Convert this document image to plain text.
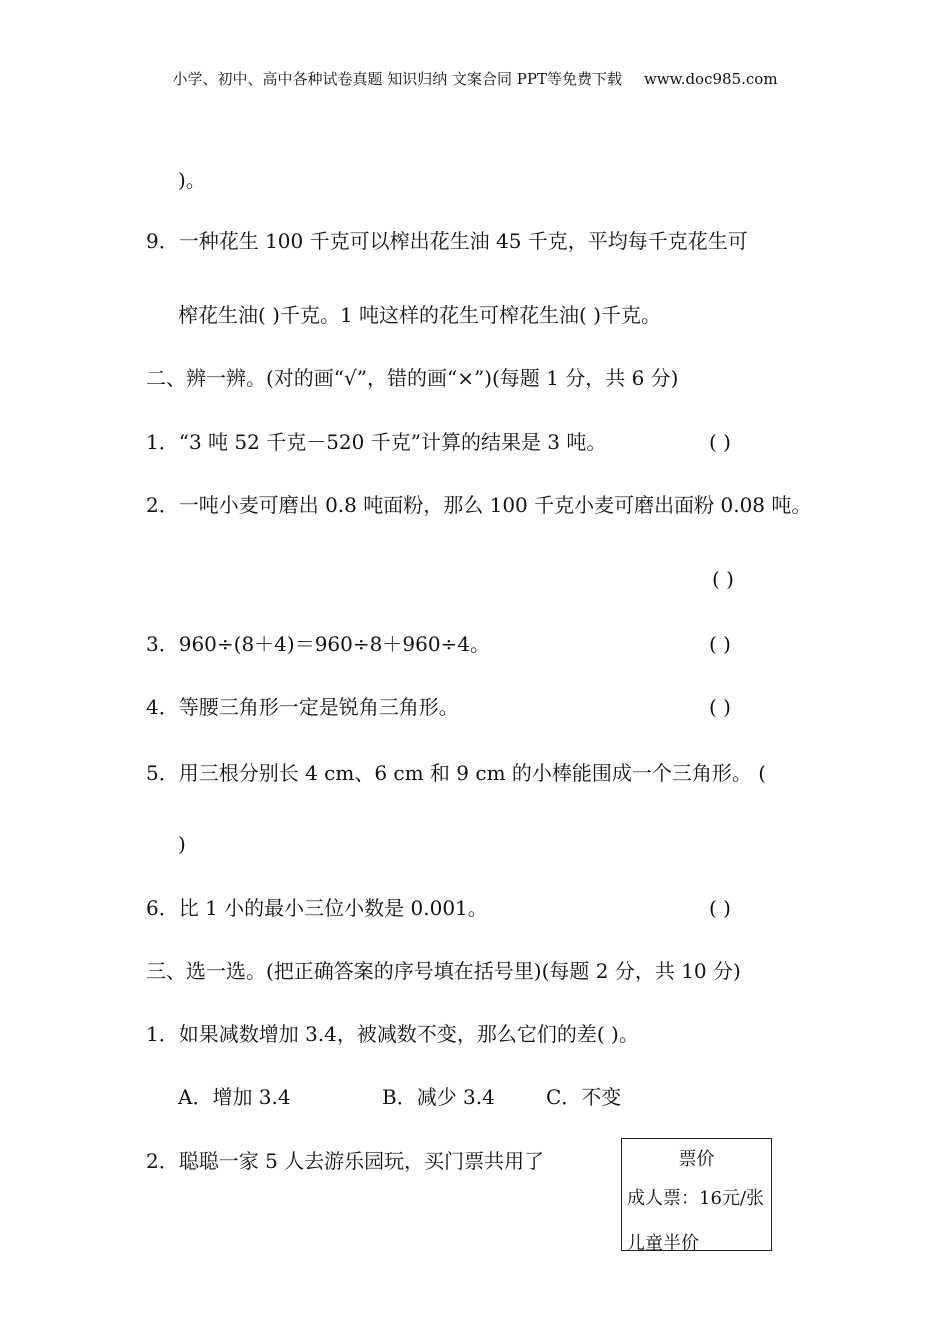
小学、初中、高中各种试卷真题 知识归纳 文案合同 PPT等免费下载 www.doc985.com
)。
9．一种花生 100 千克可以榨出花生油 45 千克，平均每千克花生可
榨花生油( )千克。1 吨这样的花生可榨花生油( )千克。
二、辨一辨。(对的画“√”，错的画“×”)(每题 1 分，共 6 分)
1．“3 吨 52 千克－520 千克”计算的结果是 3 吨。	( )
2．一吨小麦可磨出 0.8 吨面粉，那么 100 千克小麦可磨出面粉 0.08 吨。
( )
3．960÷(8＋4)＝960÷8＋960÷4。	( )
4．等腰三角形一定是锐角三角形。	( )
5．用三根分别长 4 cm、6 cm 和 9 cm 的小棒能围成一个三角形。 (
)
6．比 1 小的最小三位小数是 0.001。	( )
三、选一选。(把正确答案的序号填在括号里)(每题 2 分，共 10 分)
1．如果减数增加 3.4，被减数不变，那么它们的差( )。
A．增加 3.4	B．减少 3.4	C．不变
2．聪聪一家 5 人去游乐园玩，买门票共用了	票价
成人票：16元/张
儿童半价
